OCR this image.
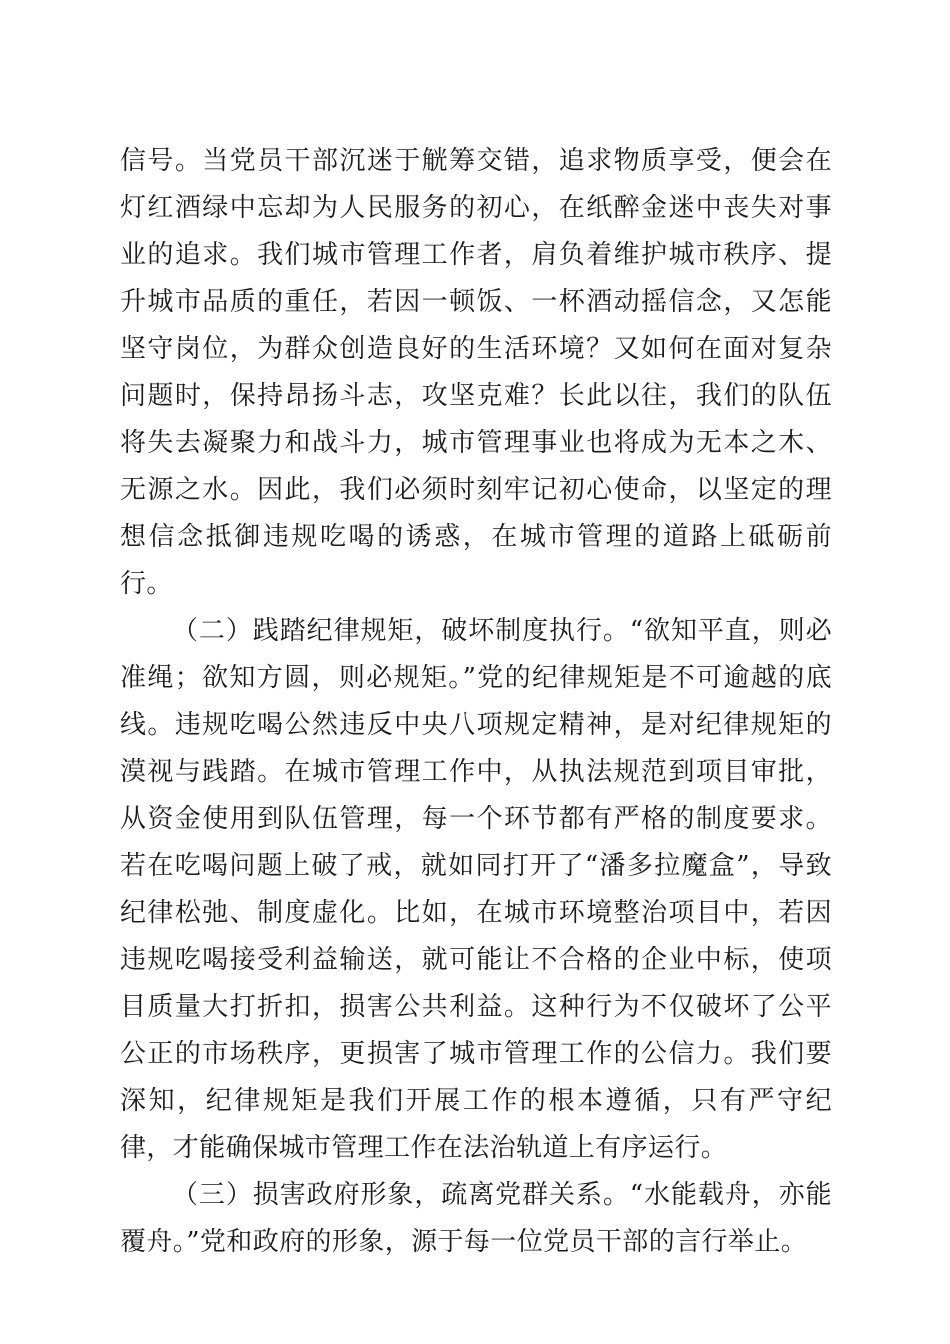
信号。当党员干部沉迷于觥筹交错，追求物质享受，便会在灯红酒绿中忘却为人民服务的初心，在纸醉金迷中丧失对事业的追求。我们城市管理工作者，肩负着维护城市秩序、提升城市品质的重任，若因一顿饭、一杯酒动摇信念，又怎能坚守岗位，为群众创造良好的生活环境？又如何在面对复杂问题时，保持昂扬斗志，攻坚克难？长此以往，我们的队伍将失去凝聚力和战斗力，城市管理事业也将成为无本之木、无源之水。因此，我们必须时刻牢记初心使命，以坚定的理想信念抵御违规吃喝的诱惑，在城市管理的道路上砥砺前行。

（二）践踏纪律规矩，破坏制度执行。“欲知平直，则必准绳；欲知方圆，则必规矩。”党的纪律规矩是不可逾越的底线。违规吃喝公然违反中央八项规定精神，是对纪律规矩的漠视与践踏。在城市管理工作中，从执法规范到项目审批，从资金使用到队伍管理，每一个环节都有严格的制度要求。若在吃喝问题上破了戒，就如同打开了“潘多拉魔盒”，导致纪律松弛、制度虚化。比如，在城市环境整治项目中，若因违规吃喝接受利益输送，就可能让不合格的企业中标，使项目质量大打折扣，损害公共利益。这种行为不仅破坏了公平公正的市场秩序，更损害了城市管理工作的公信力。我们要深知，纪律规矩是我们开展工作的根本遵循，只有严守纪律，才能确保城市管理工作在法治轨道上有序运行。

（三）损害政府形象，疏离党群关系。“水能载舟，亦能覆舟。”党和政府的形象，源于每一位党员干部的言行举止。
